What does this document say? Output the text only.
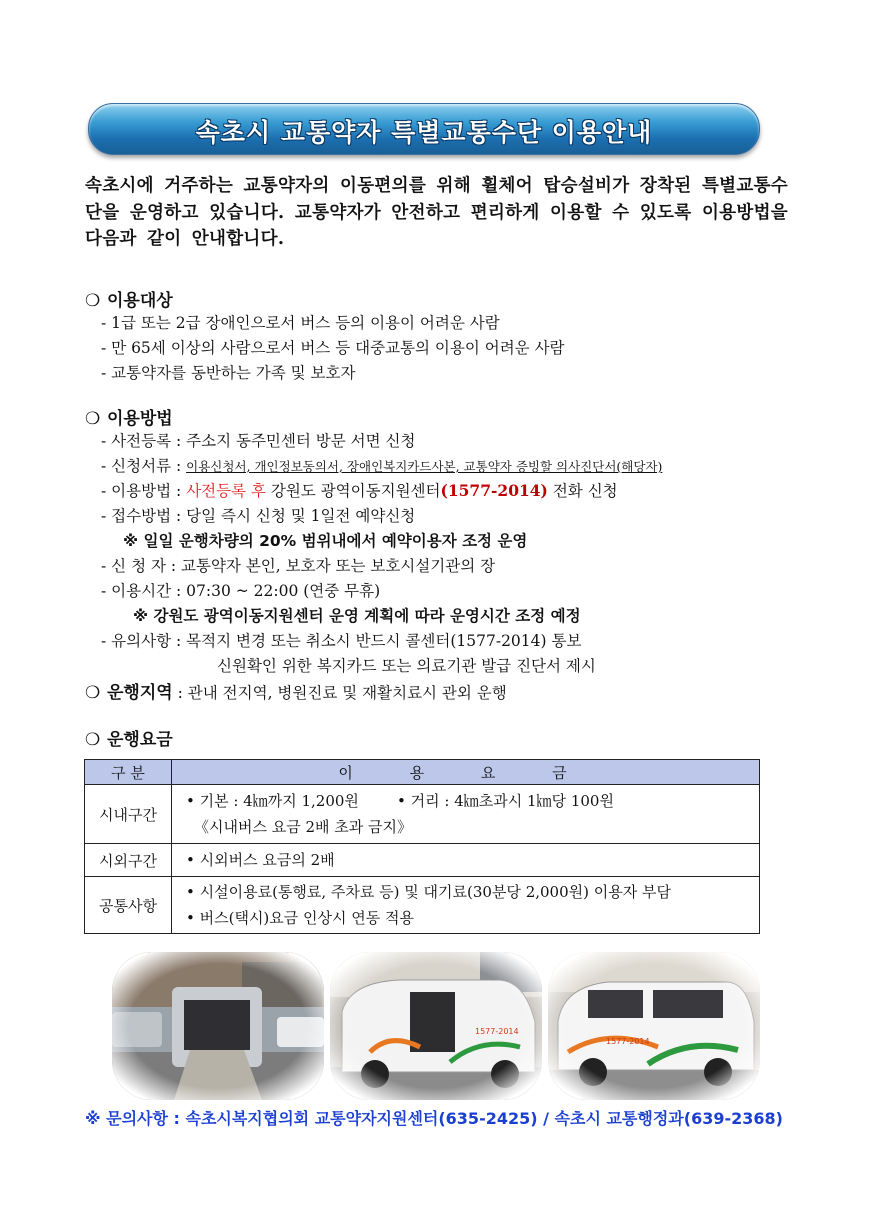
속초시 교통약자 특별교통수단 이용안내
속초시에 거주하는 교통약자의 이동편의를 위해 휠체어 탑승설비가 장착된 특별교통수단을 운영하고 있습니다. 교통약자가 안전하고 편리하게 이용할 수 있도록 이용방법을 다음과 같이 안내합니다.
❍ 이용대상
- 1급 또는 2급 장애인으로서 버스 등의 이용이 어려운 사람
- 만 65세 이상의 사람으로서 버스 등 대중교통의 이용이 어려운 사람
- 교통약자를 동반하는 가족 및 보호자
❍ 이용방법
- 사전등록 : 주소지 동주민센터 방문 서면 신청
- 신청서류 : 이용신청서, 개인정보동의서, 장애인복지카드사본, 교통약자 증빙할 의사진단서(해당자)
- 이용방법 : 사전등록 후 강원도 광역이동지원센터(1577-2014) 전화 신청
- 접수방법 : 당일 즉시 신청 및 1일전 예약신청
※ 일일 운행차량의 20% 범위내에서 예약이용자 조정 운영
- 신 청 자 : 교통약자 본인, 보호자 또는 보호시설기관의 장
- 이용시간 : 07:30 ~ 22:00 (연중 무휴)
※ 강원도 광역이동지원센터 운영 계획에 따라 운영시간 조정 예정
- 유의사항 : 목적지 변경 또는 취소시 반드시 콜센터(1577-2014) 통보
신원확인 위한 복지카드 또는 의료기관 발급 진단서 제시
❍ 운행지역 : 관내 전지역, 병원진료 및 재활치료시 관외 운행
❍ 운행요금
구 분	이 용 요 금
시내구간	• 기본 : 4㎞까지 1,200원        • 거리 : 4㎞초과시 1㎞당 100원
《시내버스 요금 2배 초과 금지》

시외구간	• 시외버스 요금의 2배

공통사항	• 시설이용료(통행료, 주차료 등) 및 대기료(30분당 2,000원) 이용자 부담
• 버스(택시)요금 인상시 연동 적용
※ 문의사항 : 속초시복지협의회 교통약자지원센터(635-2425) / 속초시 교통행정과(639-2368)
